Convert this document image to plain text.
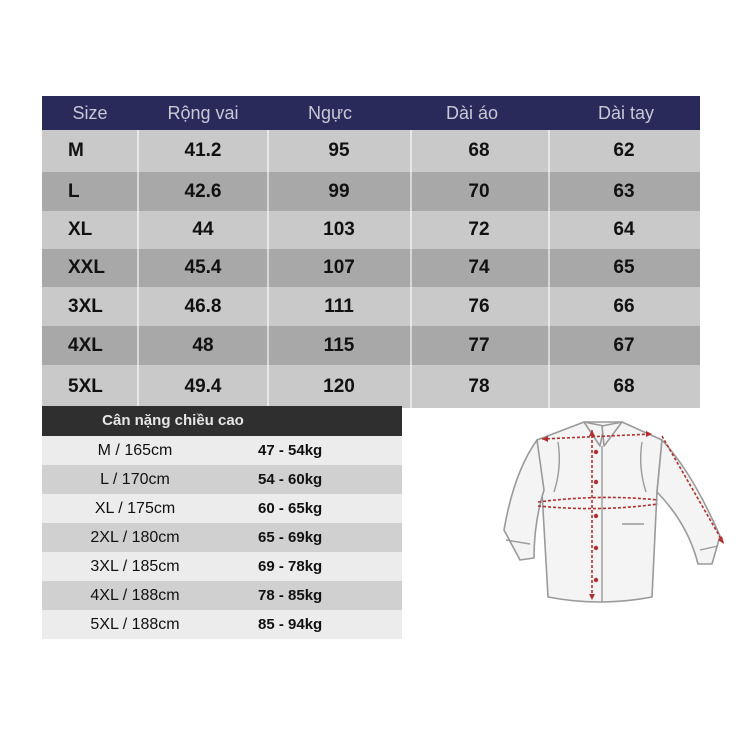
Size	Rộng vai	Ngực	Dài áo	Dài tay
M	41.2	95	68	62
L	42.6	99	70	63
XL	44	103	72	64
XXL	45.4	107	74	65
3XL	46.8	111	76	66
4XL	48	115	77	67
5XL	49.4	120	78	68
Cân nặng chiều cao
M / 165cm	47 - 54kg
L / 170cm	54 - 60kg
XL / 175cm	60 - 65kg
2XL / 180cm	65 - 69kg
3XL / 185cm	69 - 78kg
4XL / 188cm	78 - 85kg
5XL / 188cm	85 - 94kg
